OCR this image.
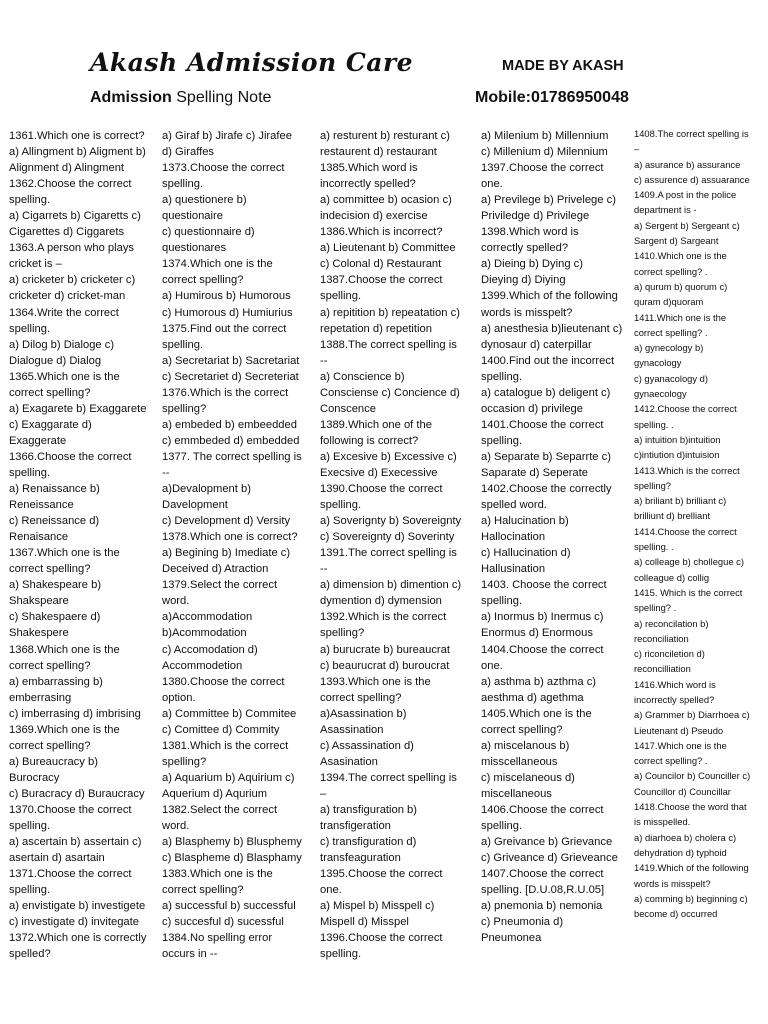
Akash Admission Care	MADE BY AKASH
Admission Spelling Note	Mobile:01786950048

1361.Which one is correct?

a) Allingment b) Aligment b)

Alignment d) Alingment

1362.Choose the correct

spelling.

a) Cigarrets b) Cigaretts c)

Cigarettes d) Ciggarets

1363.A person who plays

cricket is –

a) cricketer b) cricketer c)

cricketer d) cricket-man

1364.Write the correct

spelling.

a) Dilog b) Dialoge c)

Dialogue d) Dialog

1365.Which one is the

correct spelling?

a) Exagarete b) Exaggarete

c) Exaggarate d)

Exaggerate

1366.Choose the correct

spelling.

a) Renaissance b)

Reneissance

c) Reneissance d)

Renaisance

1367.Which one is the

correct spelling?

a) Shakespeare b)

Shakspeare

c) Shakespaere d)

Shakespere

1368.Which one is the

correct spelling?

a) embarrassing b)

emberrasing

c) imberrasing d) imbrising

1369.Which one is the

correct spelling?

a) Bureaucracy b)

Burocracy

c) Buracracy d) Buraucracy

1370.Choose the correct

spelling.

a) ascertain b) assertain c)

asertain d) asartain

1371.Choose the correct

spelling.

a) envistigate b) investigete

c) investigate d) invitegate

1372.Which one is correctly

spelled?

a) Giraf b) Jirafe c) Jirafee

d) Giraffes

1373.Choose the correct

spelling.

a) questionere b)

questionaire

c) questionnaire d)

questionares

1374.Which one is the

correct spelling?

a) Humirous b) Humorous

c) Humorous d) Humiurius

1375.Find out the correct

spelling.

a) Secretariat b) Sacretariat

c) Secretariet d) Secreteriat

1376.Which is the correct

spelling?

a) embeded b) embeedded

c) emmbeded d) embedded

1377. The correct spelling is

--

a)Devalopment b)

Davelopment

c) Development d) Versity

1378.Which one is correct?

a) Begining b) Imediate c)

Deceived d) Atraction

1379.Select the correct

word.

a)Accommodation

b)Acommodation

c) Accomodation d)

Accommodetion

1380.Choose the correct

option.

a) Committee b) Commitee

c) Comittee d) Commity

1381.Which is the correct

spelling?

a) Aquarium b) Aquirium c)

Aquerium d) Aqurium

1382.Select the correct

word.

a) Blasphemy b) Blusphemy

c) Blaspheme d) Blasphamy

1383.Which one is the

correct spelling?

a) successful b) successful

c) succesful d) sucessful

1384.No spelling error

occurs in --

a) resturent b) resturant c)

restaurent d) restaurant

1385.Which word is

incorrectly spelled?

a) committee b) ocasion c)

indecision d) exercise

1386.Which is incorrect?

a) Lieutenant b) Committee

c) Colonal d) Restaurant

1387.Choose the correct

spelling.

a) repitition b) repeatation c)

repetation d) repetition

1388.The correct spelling is

--

a) Conscience b)

Consciense c) Concience d)

Conscence

1389.Which one of the

following is correct?

a) Excesive b) Excessive c)

Execsive d) Execessive

1390.Choose the correct

spelling.

a) Soverignty b) Sovereignty

c) Sovereignty d) Soverinty

1391.The correct spelling is

--

a) dimension b) dimention c)

dymention d) dymension

1392.Which is the correct

spelling?

a) burucrate b) bureaucrat

c) beaurucrat d) buroucrat

1393.Which one is the

correct spelling?

a)Asassination b)

Asassination

c) Assassination d)

Asasination

1394.The correct spelling is

–

a) transfiguration b)

transfigeration

c) transfiguration d)

transfeaguration

1395.Choose the correct

one.

a) Mispel b) Misspell c)

Mispell d) Misspel

1396.Choose the correct

spelling.

a) Milenium b) Millennium

c) Millenium d) Milennium

1397.Choose the correct

one.

a) Previlege b) Privelege c)

Priviledge d) Privilege

1398.Which word is

correctly spelled?

a) Dieing b) Dying c)

Dieying d) Diying

1399.Which of the following

words is misspelt?

a) anesthesia b)lieutenant c)

dynosaur d) caterpillar

1400.Find out the incorrect

spelling.

a) catalogue b) deligent c)

occasion d) privilege

1401.Choose the correct

spelling.

a) Separate b) Separrte c)

Saparate d) Seperate

1402.Choose the correctly

spelled word.

a) Halucination b)

Hallocination

c) Hallucination d)

Hallusination

1403. Choose the correct

spelling.

a) Inormus b) Inermus c)

Enormus d) Enormous

1404.Choose the correct

one.

a) asthma b) azthma c)

aesthma d) agethma

1405.Which one is the

correct spelling?

a) miscelanous b)

misscellaneous

c) miscelaneous d)

miscellaneous

1406.Choose the correct

spelling.

a) Greivance b) Grievance

c) Griveance d) Grieveance

1407.Choose the correct

spelling. [D.U.08,R.U.05]

a) pnemonia b) nemonia

c) Pneumonia d)

Pneumonea

1408.The correct spelling is

–

a) asurance b) assurance

c) assurence d) assuarance

1409.A post in the police

department is -

a) Sergent b) Sergeant c)

Sargent d) Sargeant

1410.Which one is the

correct spelling? .

a) qurum b) quorum c)

quram d)quoram

1411.Which one is the

correct spelling? .

a) gynecology b)

gynacology

c) gyanacology d)

gynaecology

1412.Choose the correct

spelling. .

a) intuition b)intuition

c)intiution d)intuision

1413.Which is the correct

spelling?

a) briliant b) brilliant c)

brilliunt d) brelliant

1414.Choose the correct

spelling. .

a) colleage b) chollegue c)

colleague d) collig

1415. Which is the correct

spelling? .

a) reconcilation b)

reconciliation

c) riconciletion d)

reconcilliation

1416.Which word is

incorrectly spelled?

a) Grammer b) Diarrhoea c)

Lieutenant d) Pseudo

1417.Which one is the

correct spelling? .

a) Councilor b) Counciller c)

Councillor d) Councillar

1418.Choose the word that

is misspelled.

a) diarhoea b) cholera c)

dehydration d) typhoid

1419.Which of the following

words is misspelt?

a) comming b) beginning c)

become d) occurred
